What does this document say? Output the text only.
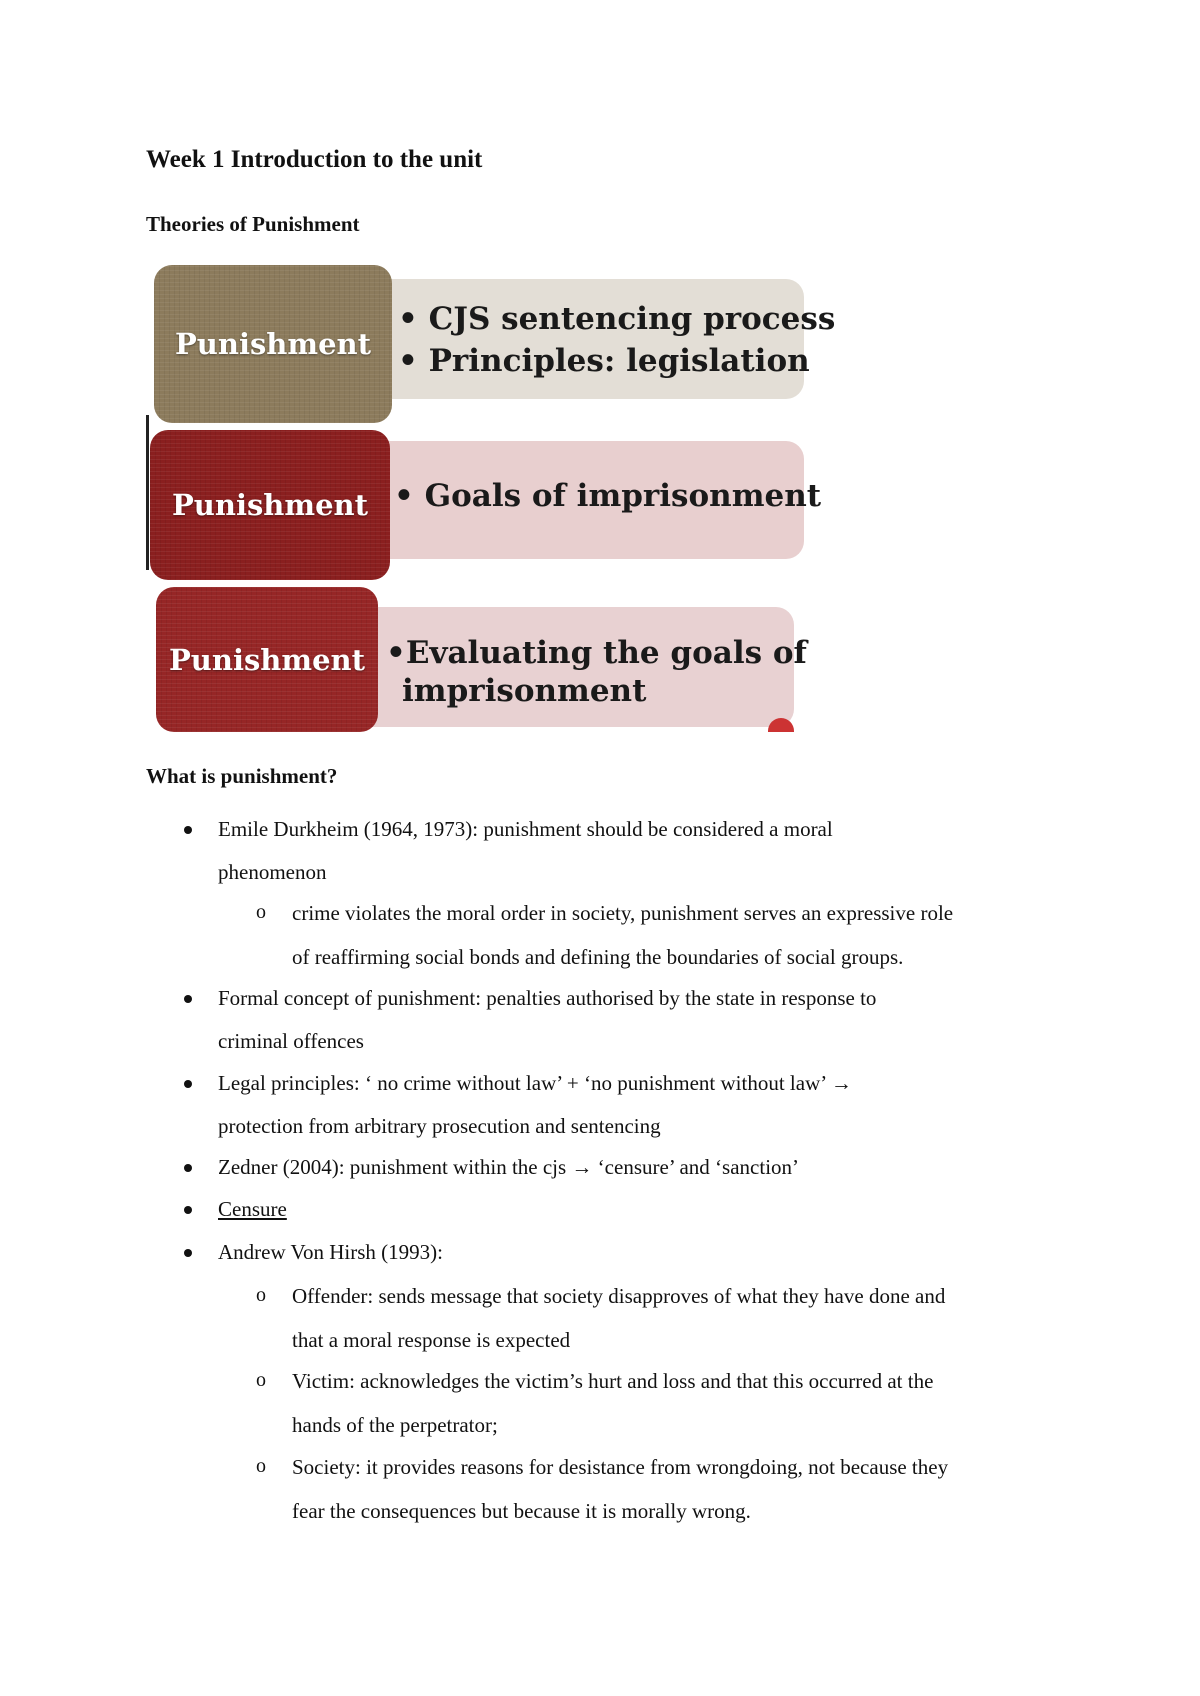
Week 1 Introduction to the unit
Theories of Punishment
Punishment
Punishment
Punishment
• CJS sentencing process
• Principles: legislation
• Goals of imprisonment
•Evaluating the goals of
imprisonment
What is punishment?
Emile Durkheim (1964, 1973): punishment should be considered a moral
phenomenon
o crime violates the moral order in society, punishment serves an expressive role
of reaffirming social bonds and defining the boundaries of social groups.
Formal concept of punishment: penalties authorised by the state in response to
criminal offences
Legal principles: ‘ no crime without law’ + ‘no punishment without law’ →
protection from arbitrary prosecution and sentencing
Zedner (2004): punishment within the cjs → ‘censure’ and ‘sanction’
Censure
Andrew Von Hirsh (1993):
o Offender: sends message that society disapproves of what they have done and
that a moral response is expected
o Victim: acknowledges the victim’s hurt and loss and that this occurred at the
hands of the perpetrator;
o Society: it provides reasons for desistance from wrongdoing, not because they
fear the consequences but because it is morally wrong.
